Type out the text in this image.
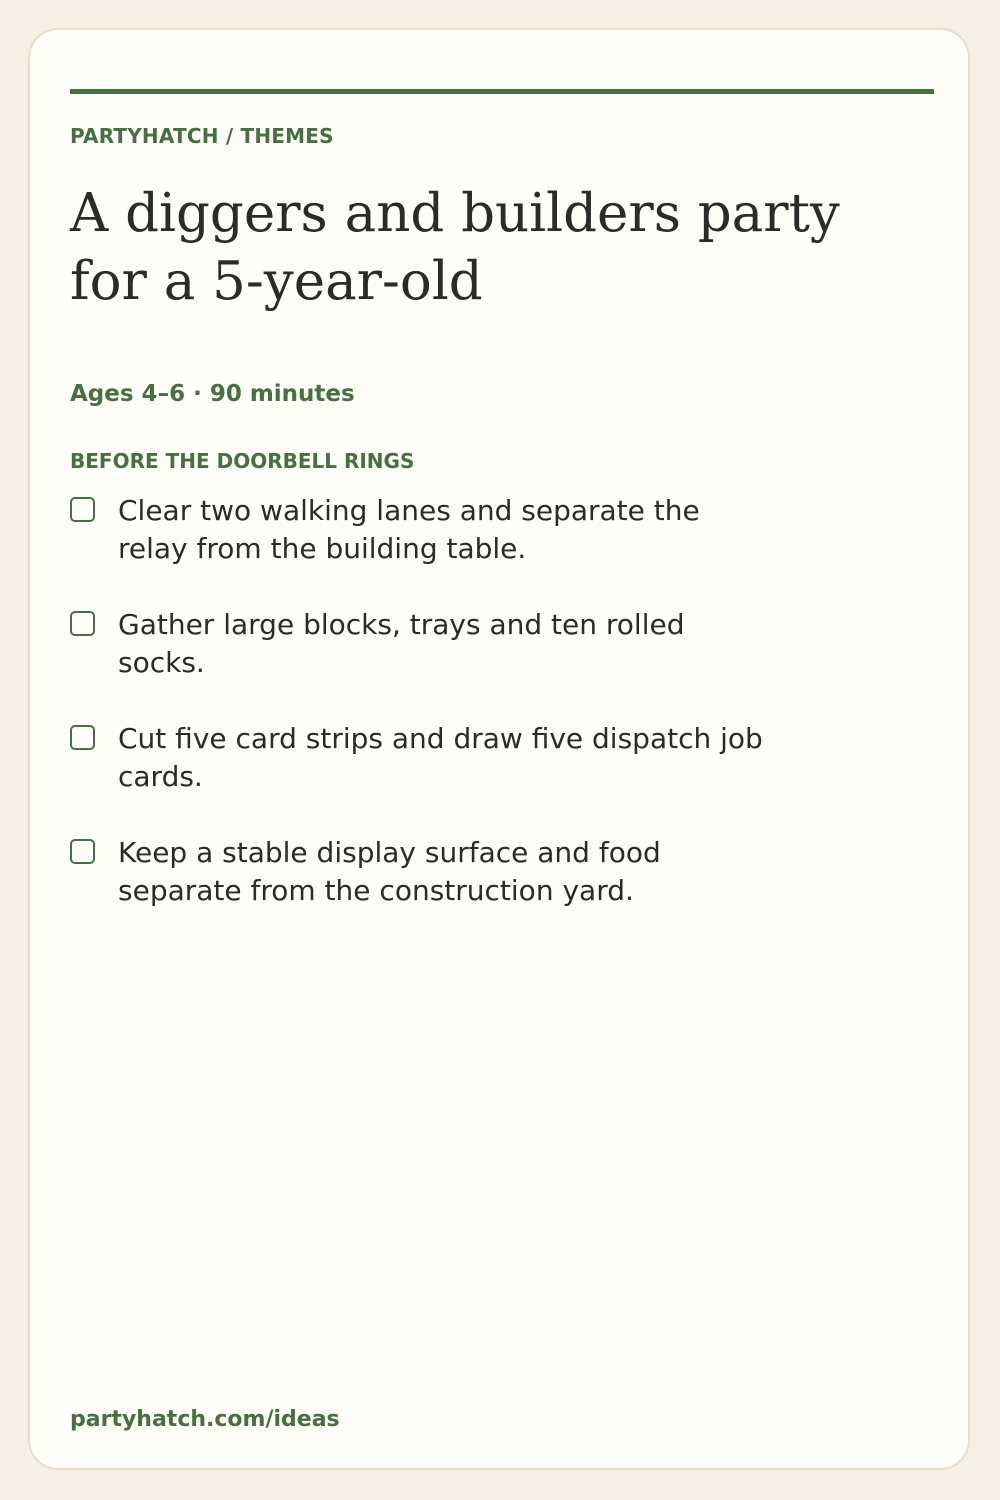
PARTYHATCH / THEMES

A diggers and builders party for a 5-year-old

Ages 4–6 · 90 minutes

BEFORE THE DOORBELL RINGS
Clear two walking lanes and separate the relay from the building table.
Gather large blocks, trays and ten rolled socks.
Cut five card strips and draw five dispatch job cards.
Keep a stable display surface and food separate from the construction yard.
partyhatch.com/ideas
